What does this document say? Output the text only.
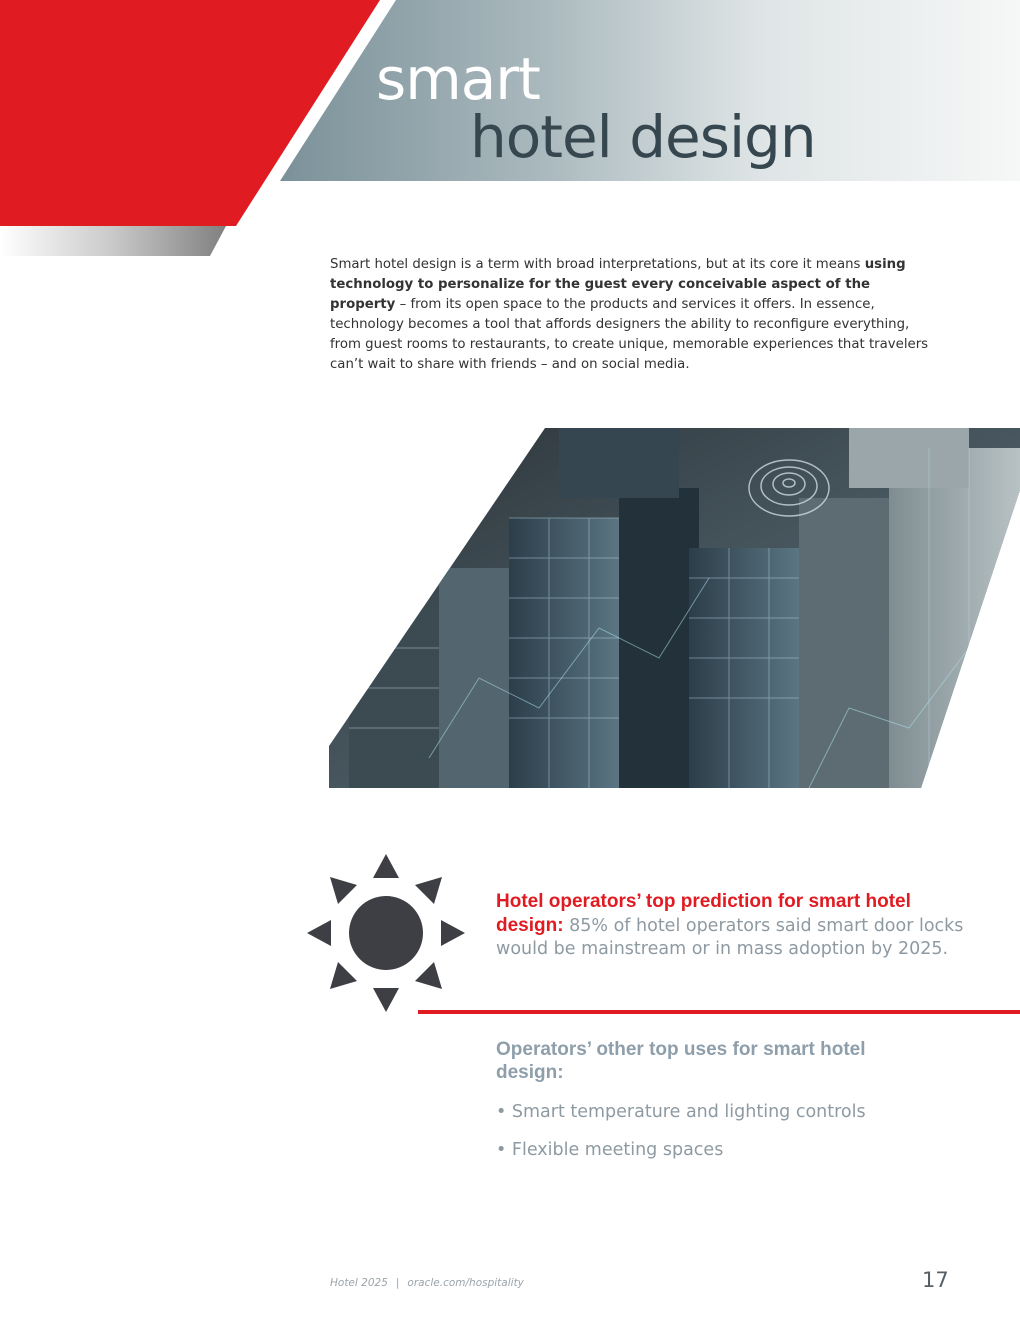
smart
hotel design

Smart hotel design is a term with broad interpretations, but at its core it means using technology to personalize for the guest every conceivable aspect of the property – from its open space to the products and services it offers. In essence, technology becomes a tool that affords designers the ability to reconfigure everything, from guest rooms to restaurants, to create unique, memorable experiences that travelers can’t wait to share with friends – and on social media.

Hotel operators’ top prediction for smart hotel design: 85% of hotel operators said smart door locks would be mainstream or in mass adoption by 2025.

Operators’ other top uses for smart hotel design:

• Smart temperature and lighting controls
• Flexible meeting spaces
Hotel 2025 | oracle.com/hospitality	17
